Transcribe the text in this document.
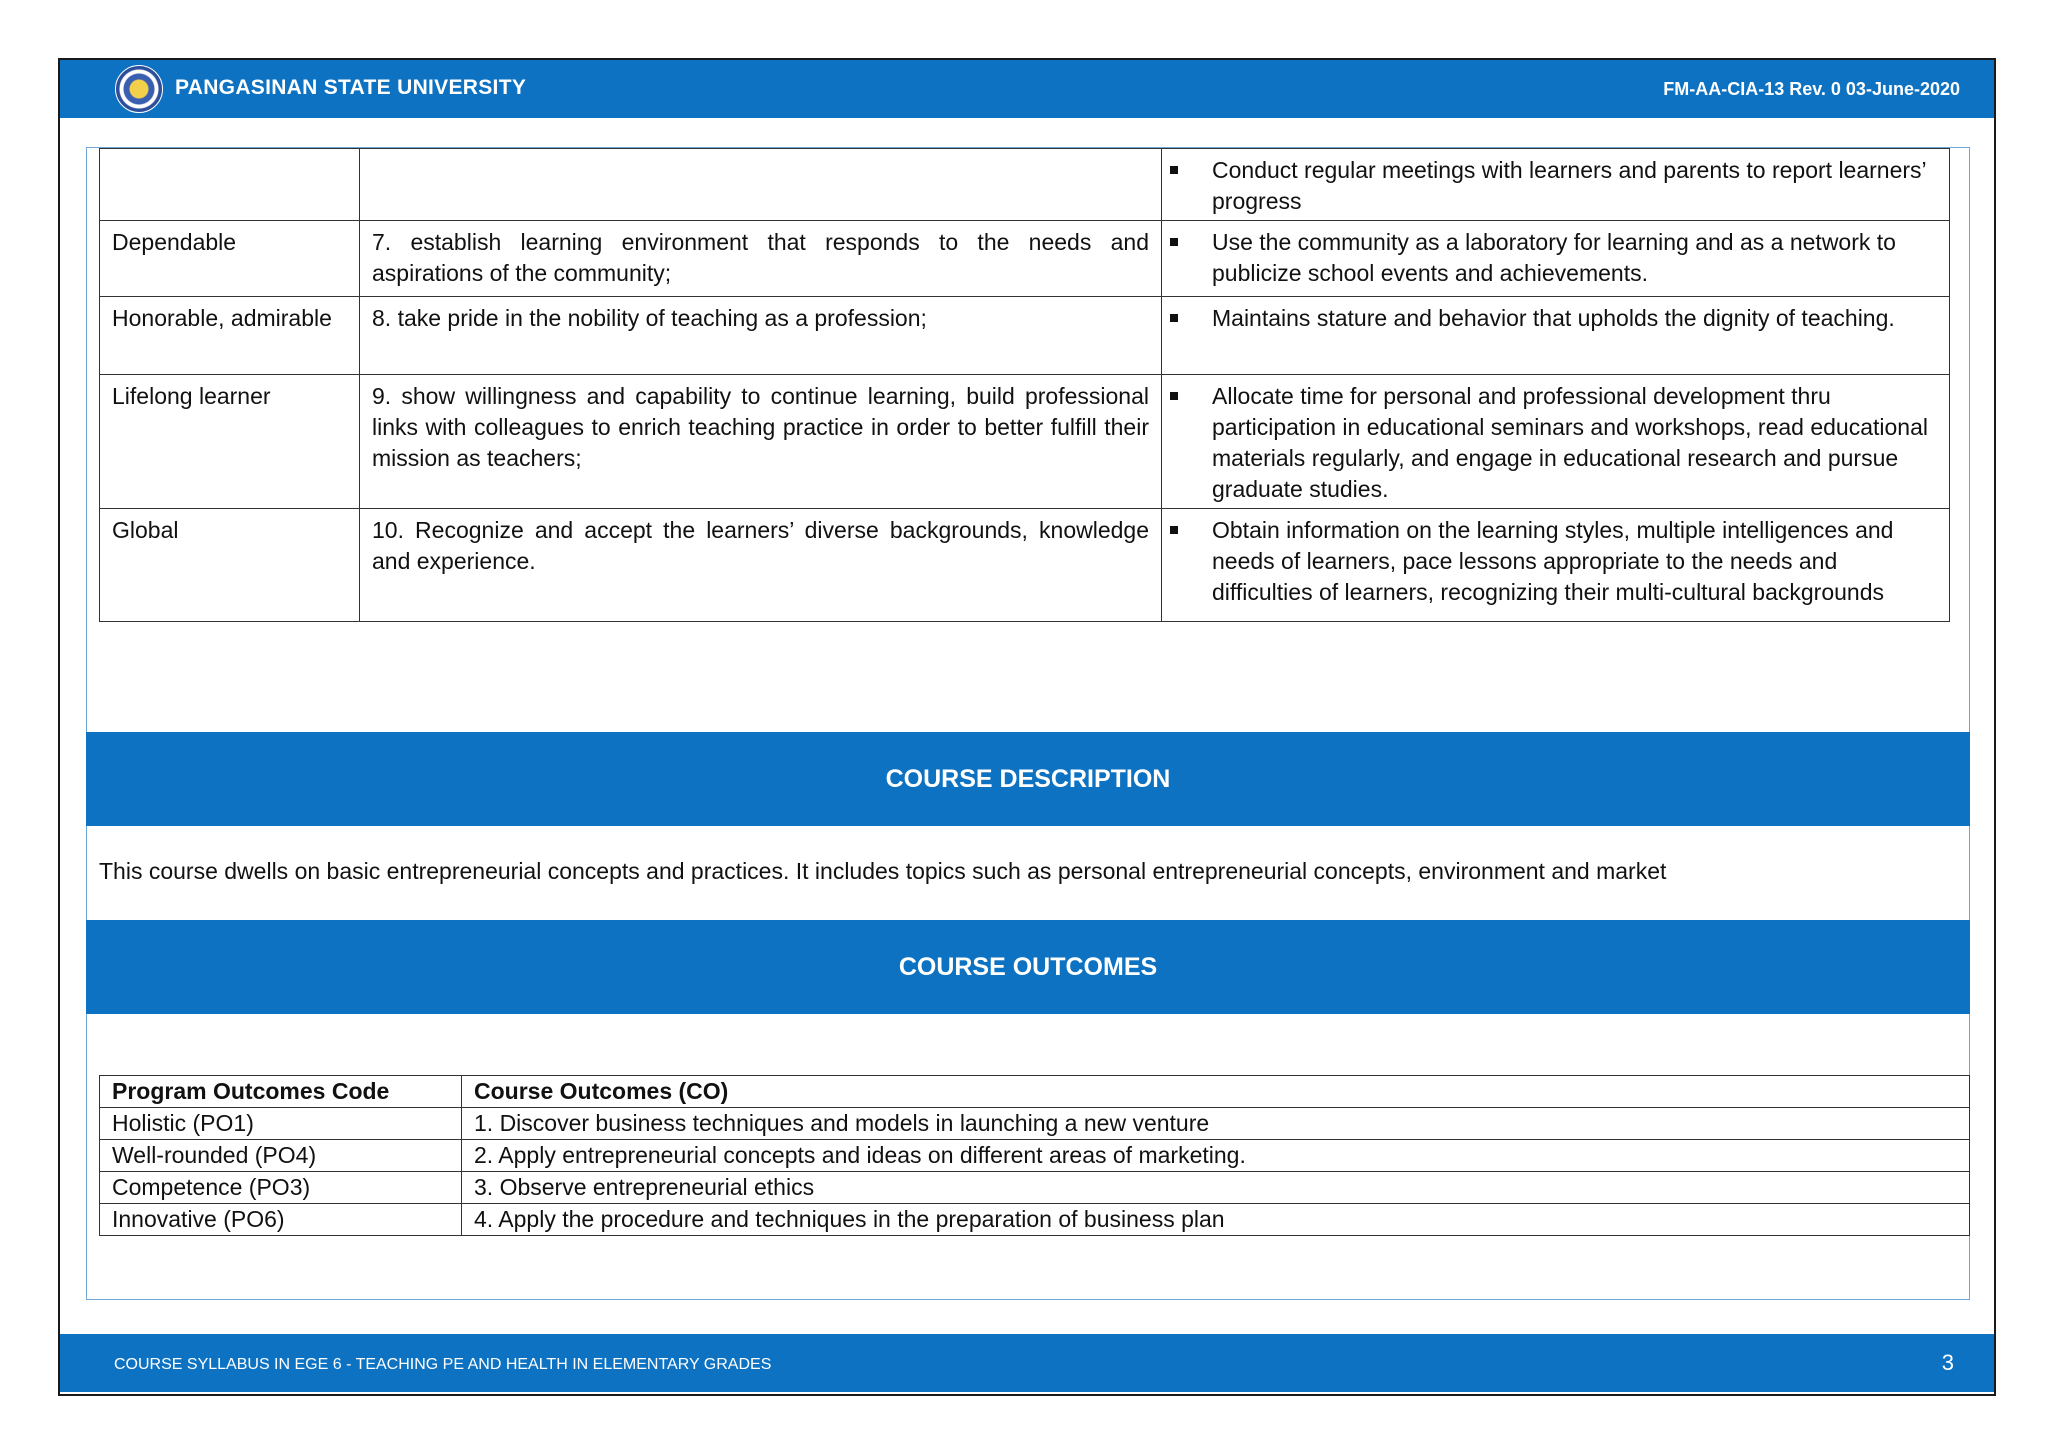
PANGASINAN STATE UNIVERSITY	FM-AA-CIA-13 Rev. 0 03-June-2020

		Conduct regular meetings with learners and parents to report learners’ progress

Dependable	7. establish learning environment that responds to the needs and aspirations of the community;	Use the community as a laboratory for learning and as a network to publicize school events and achievements.

Honorable, admirable	8. take pride in the nobility of teaching as a profession;	Maintains stature and behavior that upholds the dignity of teaching.

Lifelong learner	9. show willingness and capability to continue learning, build professional links with colleagues to enrich teaching practice in order to better fulfill their mission as teachers;	Allocate time for personal and professional development thru participation in educational seminars and workshops, read educational materials regularly, and engage in educational research and pursue graduate studies.

Global	10. Recognize and accept the learners’ diverse backgrounds, knowledge and experience.	Obtain information on the learning styles, multiple intelligences and needs of learners, pace lessons appropriate to the needs and difficulties of learners, recognizing their multi-cultural backgrounds
COURSE DESCRIPTION
This course dwells on basic entrepreneurial concepts and practices. It includes topics such as personal entrepreneurial concepts, environment and market
COURSE OUTCOMES
Program Outcomes Code	Course Outcomes (CO)
Holistic (PO1)	1. Discover business techniques and models in launching a new venture
Well-rounded (PO4)	2. Apply entrepreneurial concepts and ideas on different areas of marketing.
Competence (PO3)	3. Observe entrepreneurial ethics
Innovative (PO6)	4. Apply the procedure and techniques in the preparation of business plan
COURSE SYLLABUS IN EGE 6 - TEACHING PE AND HEALTH IN ELEMENTARY GRADES	3
